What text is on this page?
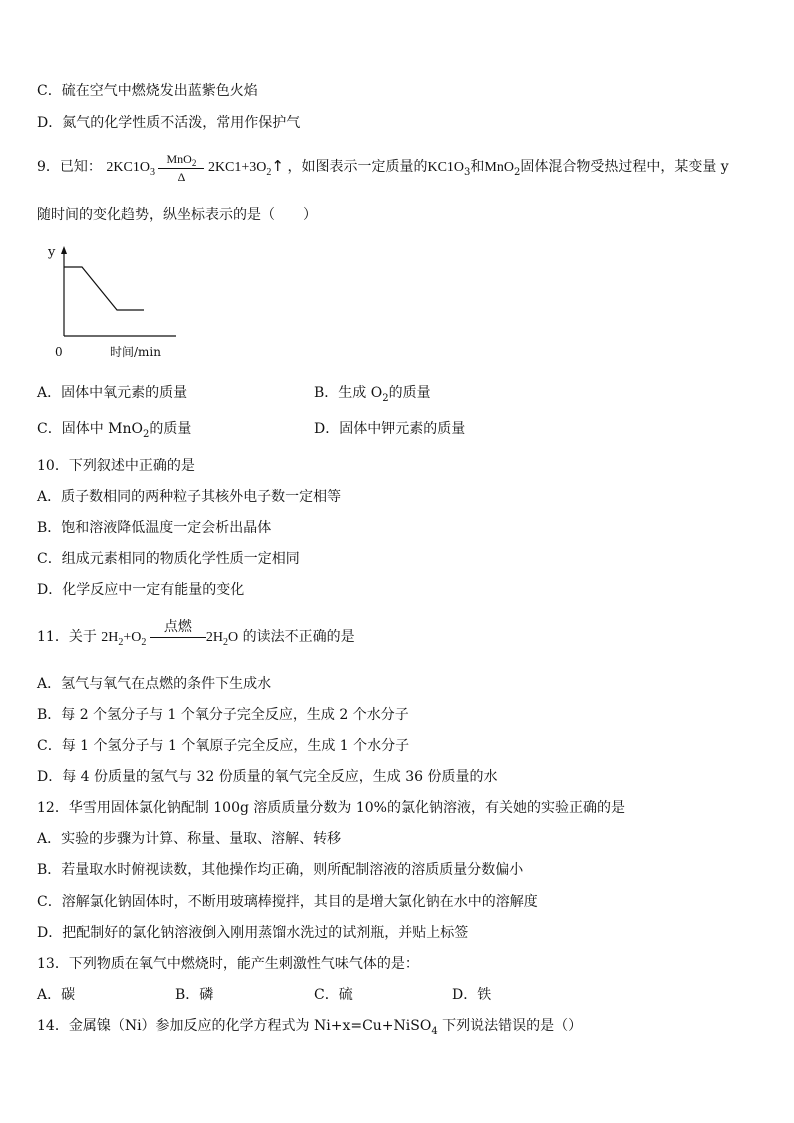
C．硫在空气中燃烧发出蓝紫色火焰
D．氮气的化学性质不活泼，常用作保护气
9．已知： $2KC1O_3 \frac{MnO_2}{\Delta}$ $2KC1+3O_2↑$ ，如图表示一定质量的$KC1O_3$和MnO$_2$固体混合物受热过程中，某变量 y
随时间的变化趋势，纵坐标表示的是（　　）
y
0	时间/min
A．固体中氧元素的质量	B．生成 $O_2$的质量
C．固体中 MnO$_2$的质量	D．固体中钾元素的质量
10．下列叙述中正确的是
A．质子数相同的两种粒子其核外电子数一定相等
B．饱和溶液降低温度一定会析出晶体
C．组成元素相同的物质化学性质一定相同
D．化学反应中一定有能量的变化
11．关于 $2H_2+O_2$
点燃
$2H_2O$ 的读法不正确的是
A．氢气与氧气在点燃的条件下生成水
B．每 2 个氢分子与 1 个氧分子完全反应，生成 2 个水分子
C．每 1 个氢分子与 1 个氧原子完全反应，生成 1 个水分子
D．每 4 份质量的氢气与 32 份质量的氧气完全反应，生成 36 份质量的水
12．华雪用固体氯化钠配制 100g 溶质质量分数为 10%的氯化钠溶液，有关她的实验正确的是
A．实验的步骤为计算、称量、量取、溶解、转移
B．若量取水时俯视读数，其他操作均正确，则所配制溶液的溶质质量分数偏小
C．溶解氯化钠固体时，不断用玻璃棒搅拌，其目的是增大氯化钠在水中的溶解度
D．把配制好的氯化钠溶液倒入刚用蒸馏水洗过的试剂瓶，并贴上标签
13．下列物质在氧气中燃烧时，能产生刺激性气味气体的是：
A．碳	B．磷	C．硫	D．铁
14．金属镍（Ni）参加反应的化学方程式为 Ni+x=Cu+NiSO$_4$ 下列说法错误的是（）
